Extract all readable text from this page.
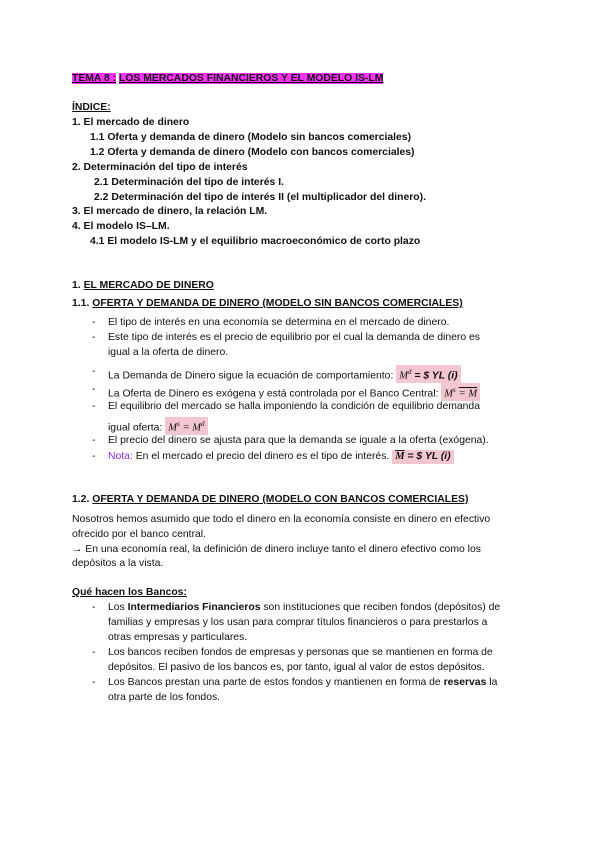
TEMA 8 : LOS MERCADOS FINANCIEROS Y EL MODELO IS-LM
ÍNDICE:
1. El mercado de dinero
1.1 Oferta y demanda de dinero (Modelo sin bancos comerciales)
1.2 Oferta y demanda de dinero (Modelo con bancos comerciales)
2. Determinación del tipo de interés
2.1 Determinación del tipo de interés I.
2.2 Determinación del tipo de interés II (el multiplicador del dinero).
3. El mercado de dinero, la relación LM.
4. El modelo IS–LM.
4.1 El modelo IS-LM y el equilibrio macroeconómico de corto plazo
1. EL MERCADO DE DINERO
1.1. OFERTA Y DEMANDA DE DINERO (MODELO SIN BANCOS COMERCIALES)
- El tipo de interés en una economía se determina en el mercado de dinero.
- Este tipo de interés es el precio de equilibrio por el cual la demanda de dinero es
igual a la oferta de dinero.
- La Demanda de Dinero sigue la ecuación de comportamiento: $M^d$ = $ YL (i)
- La Oferta de Dinero es exógena y está controlada por el Banco Central: $M^s = M$
- El equilibrio del mercado se halla imponiendo la condición de equilibrio demanda
igual oferta: $M^s = M^d$
- El precio del dinero se ajusta para que la demanda se iguale a la oferta (exógena).
- Nota: En el mercado el precio del dinero es el tipo de interés. $\overline{M}$ = $ YL (i)
1.2. OFERTA Y DEMANDA DE DINERO (MODELO CON BANCOS COMERCIALES)
Nosotros hemos asumido que todo el dinero en la economía consiste en dinero en efectivo
ofrecido por el banco central.
→ En una economía real, la definición de dinero incluye tanto el dinero efectivo como los
depósitos a la vista.
Qué hacen los Bancos:
- Los Intermediarios Financieros son instituciones que reciben fondos (depósitos) de
familias y empresas y los usan para comprar títulos financieros o para prestarlos a
otras empresas y particulares.
- Los bancos reciben fondos de empresas y personas que se mantienen en forma de
depósitos. El pasivo de los bancos es, por tanto, igual al valor de estos depósitos.
- Los Bancos prestan una parte de estos fondos y mantienen en forma de reservas la
otra parte de los fondos.
